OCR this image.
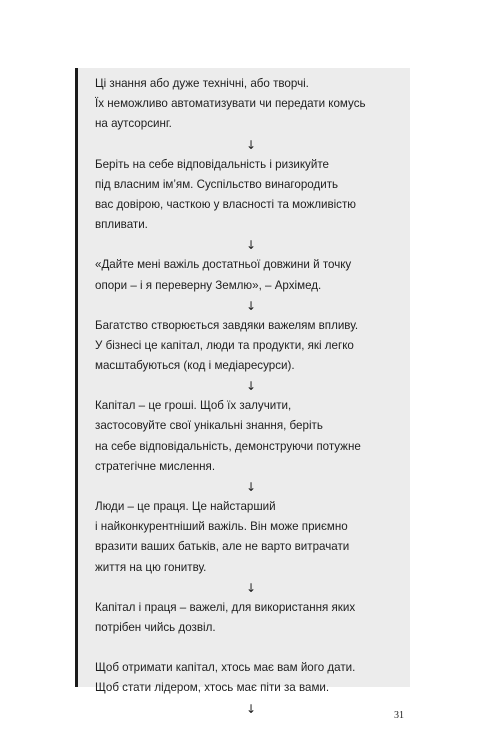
Ці знання або дуже технічні, або творчі.
Їх неможливо автоматизувати чи передати комусь
на аутсорсинг.
↓
Беріть на себе відповідальність і ризикуйте
під власним ім’ям. Суспільство винагородить
вас довірою, часткою у власності та можливістю
впливати.
↓
«Дайте мені важіль достатньої довжини й точку
опори – і я переверну Землю», – Архімед.
↓
Багатство створюється завдяки важелям впливу.
У бізнесі це капітал, люди та продукти, які легко
масштабуються (код і медіаресурси).
↓
Капітал – це гроші. Щоб їх залучити,
застосовуйте свої унікальні знання, беріть
на себе відповідальність, демонструючи потужне
стратегічне мислення.
↓
Люди – це праця. Це найстарший
і найконкурентніший важіль. Він може приємно
вразити ваших батьків, але не варто витрачати
життя на цю гонитву.
↓
Капітал і праця – важелі, для використання яких
потрібен чийсь дозвіл.
Щоб отримати капітал, хтось має вам його дати.
Щоб стати лідером, хтось має піти за вами.
↓	31
